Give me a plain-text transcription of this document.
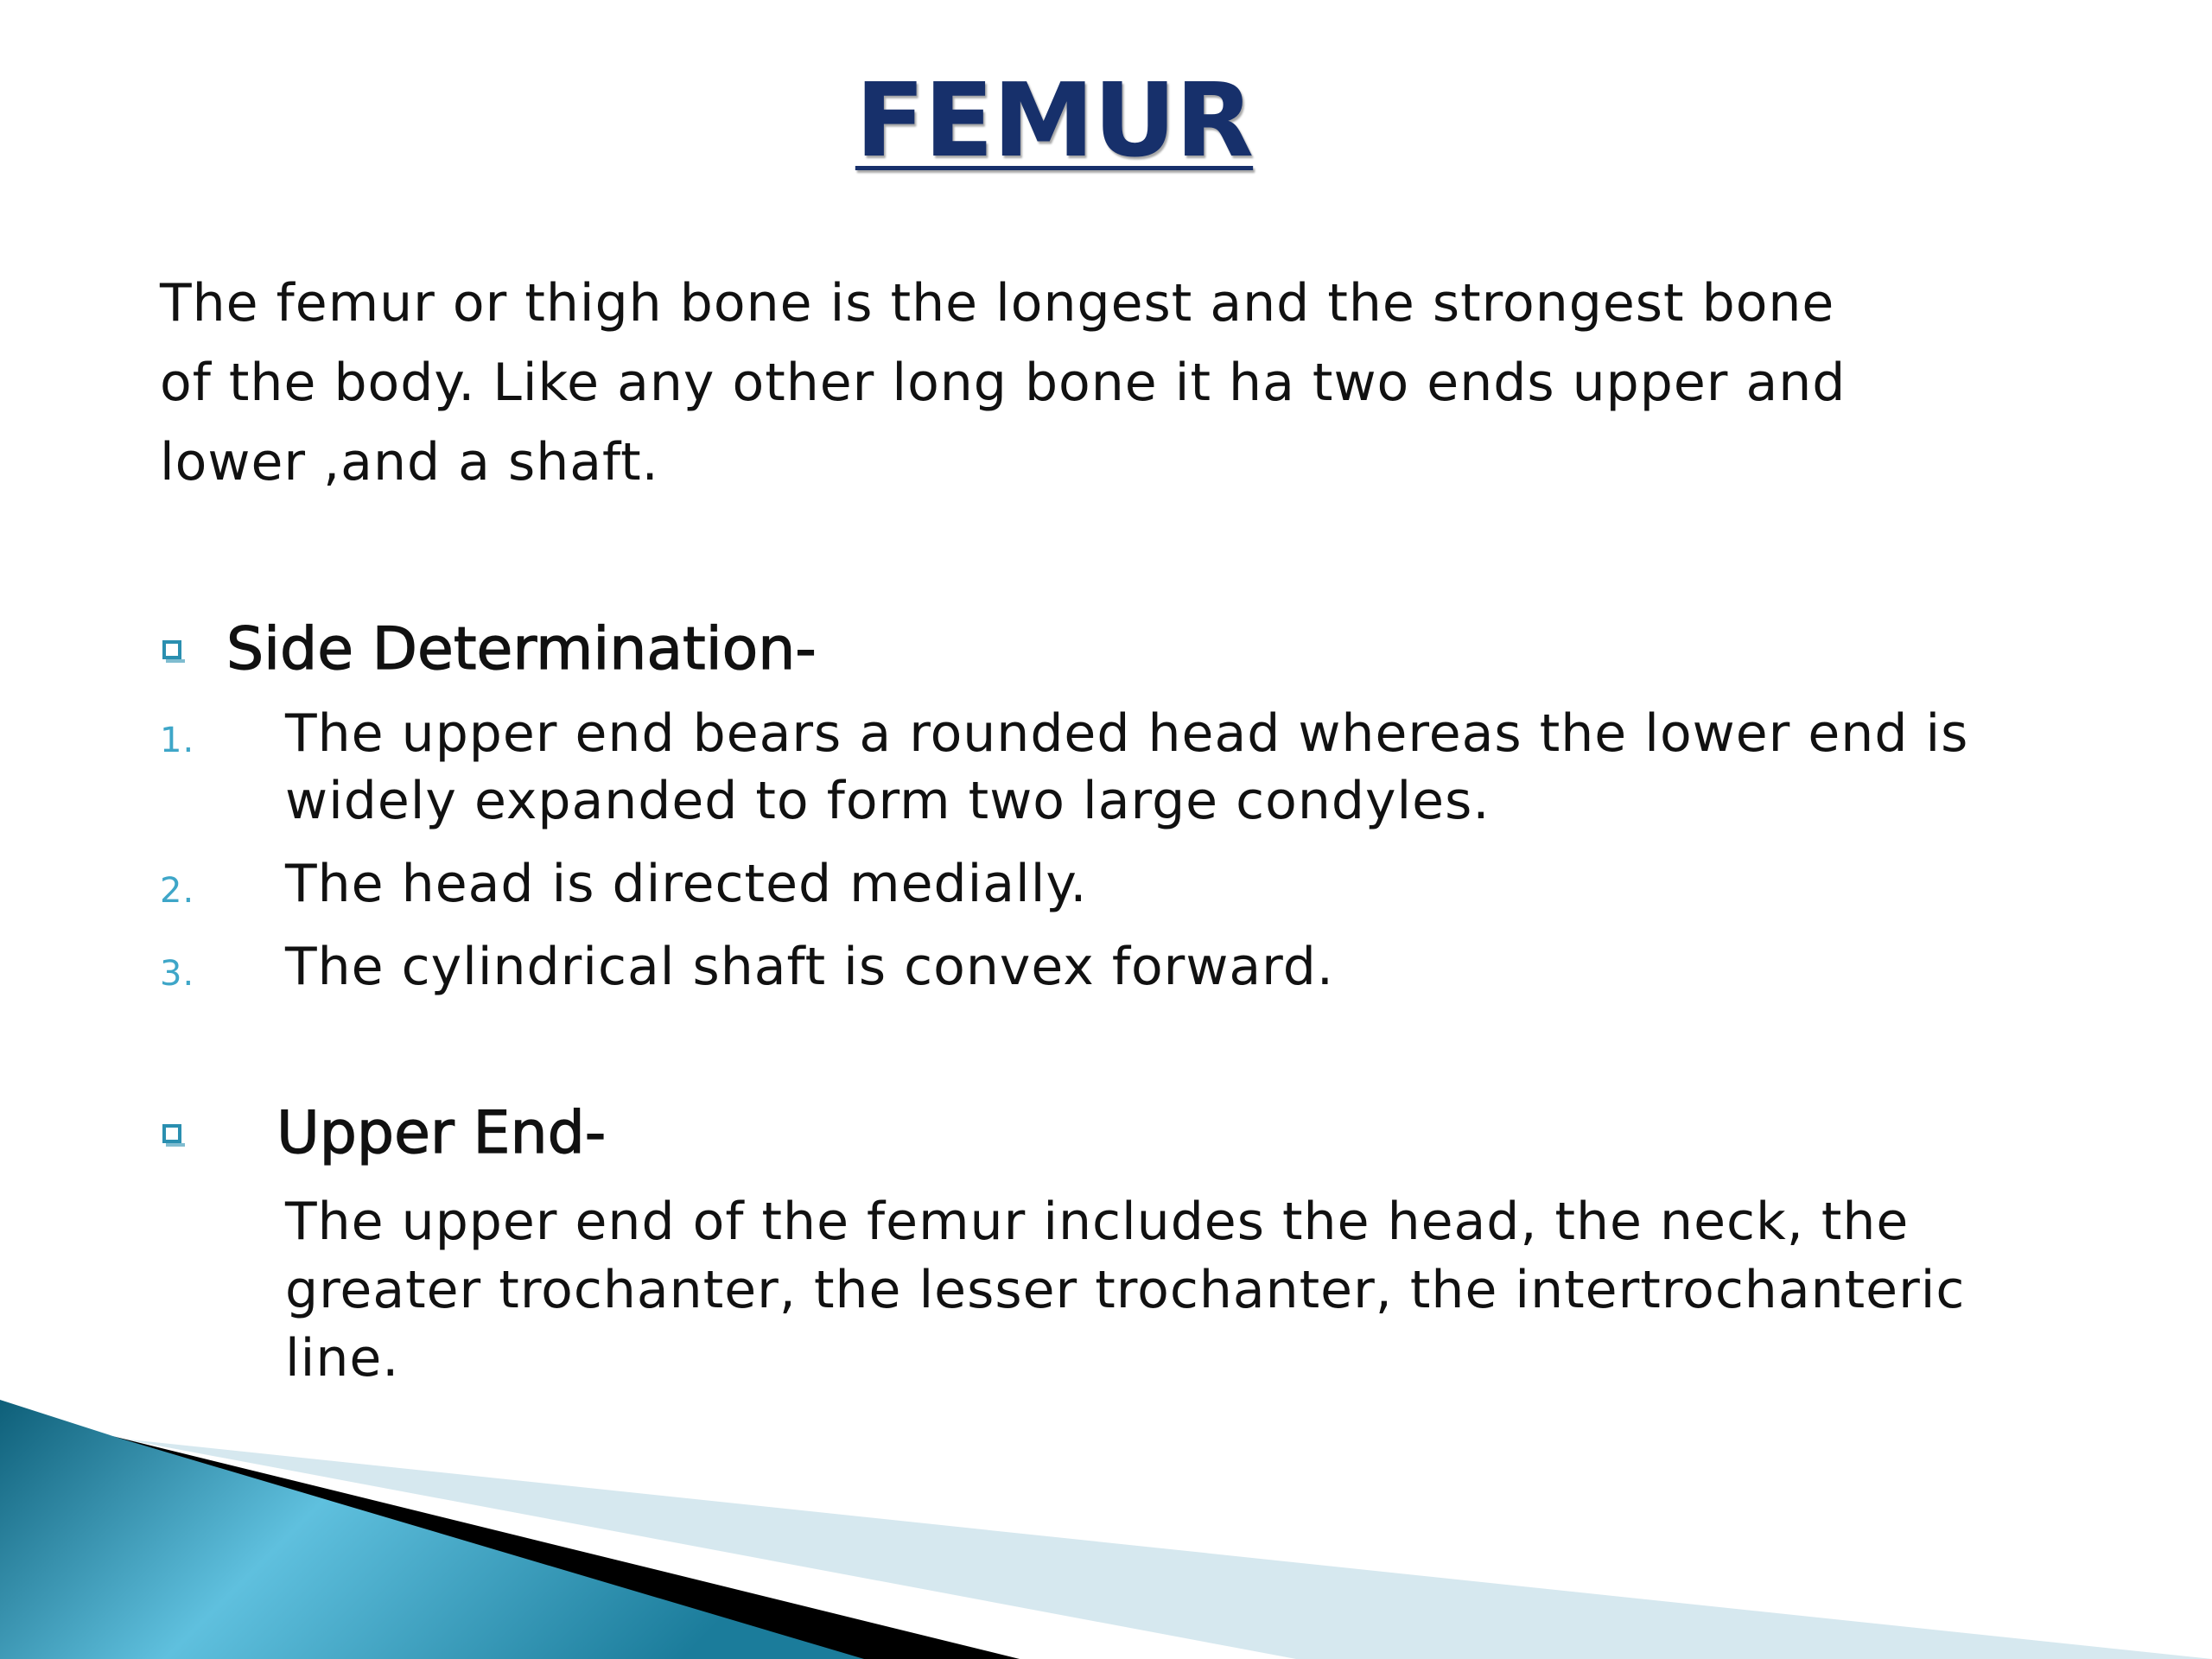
FEMUR
The femur or thigh bone is the longest and the strongest bone
of the body. Like any other long bone it ha two ends upper and
lower ,and a shaft.
Side Determination-
1. The upper end bears a rounded head whereas the lower end is widely expanded to form two large condyles.
2. The head is directed medially.
3. The cylindrical shaft is convex forward.
Upper End-
The upper end of the femur includes the head, the neck, the greater trochanter, the lesser trochanter, the intertrochanteric line.
